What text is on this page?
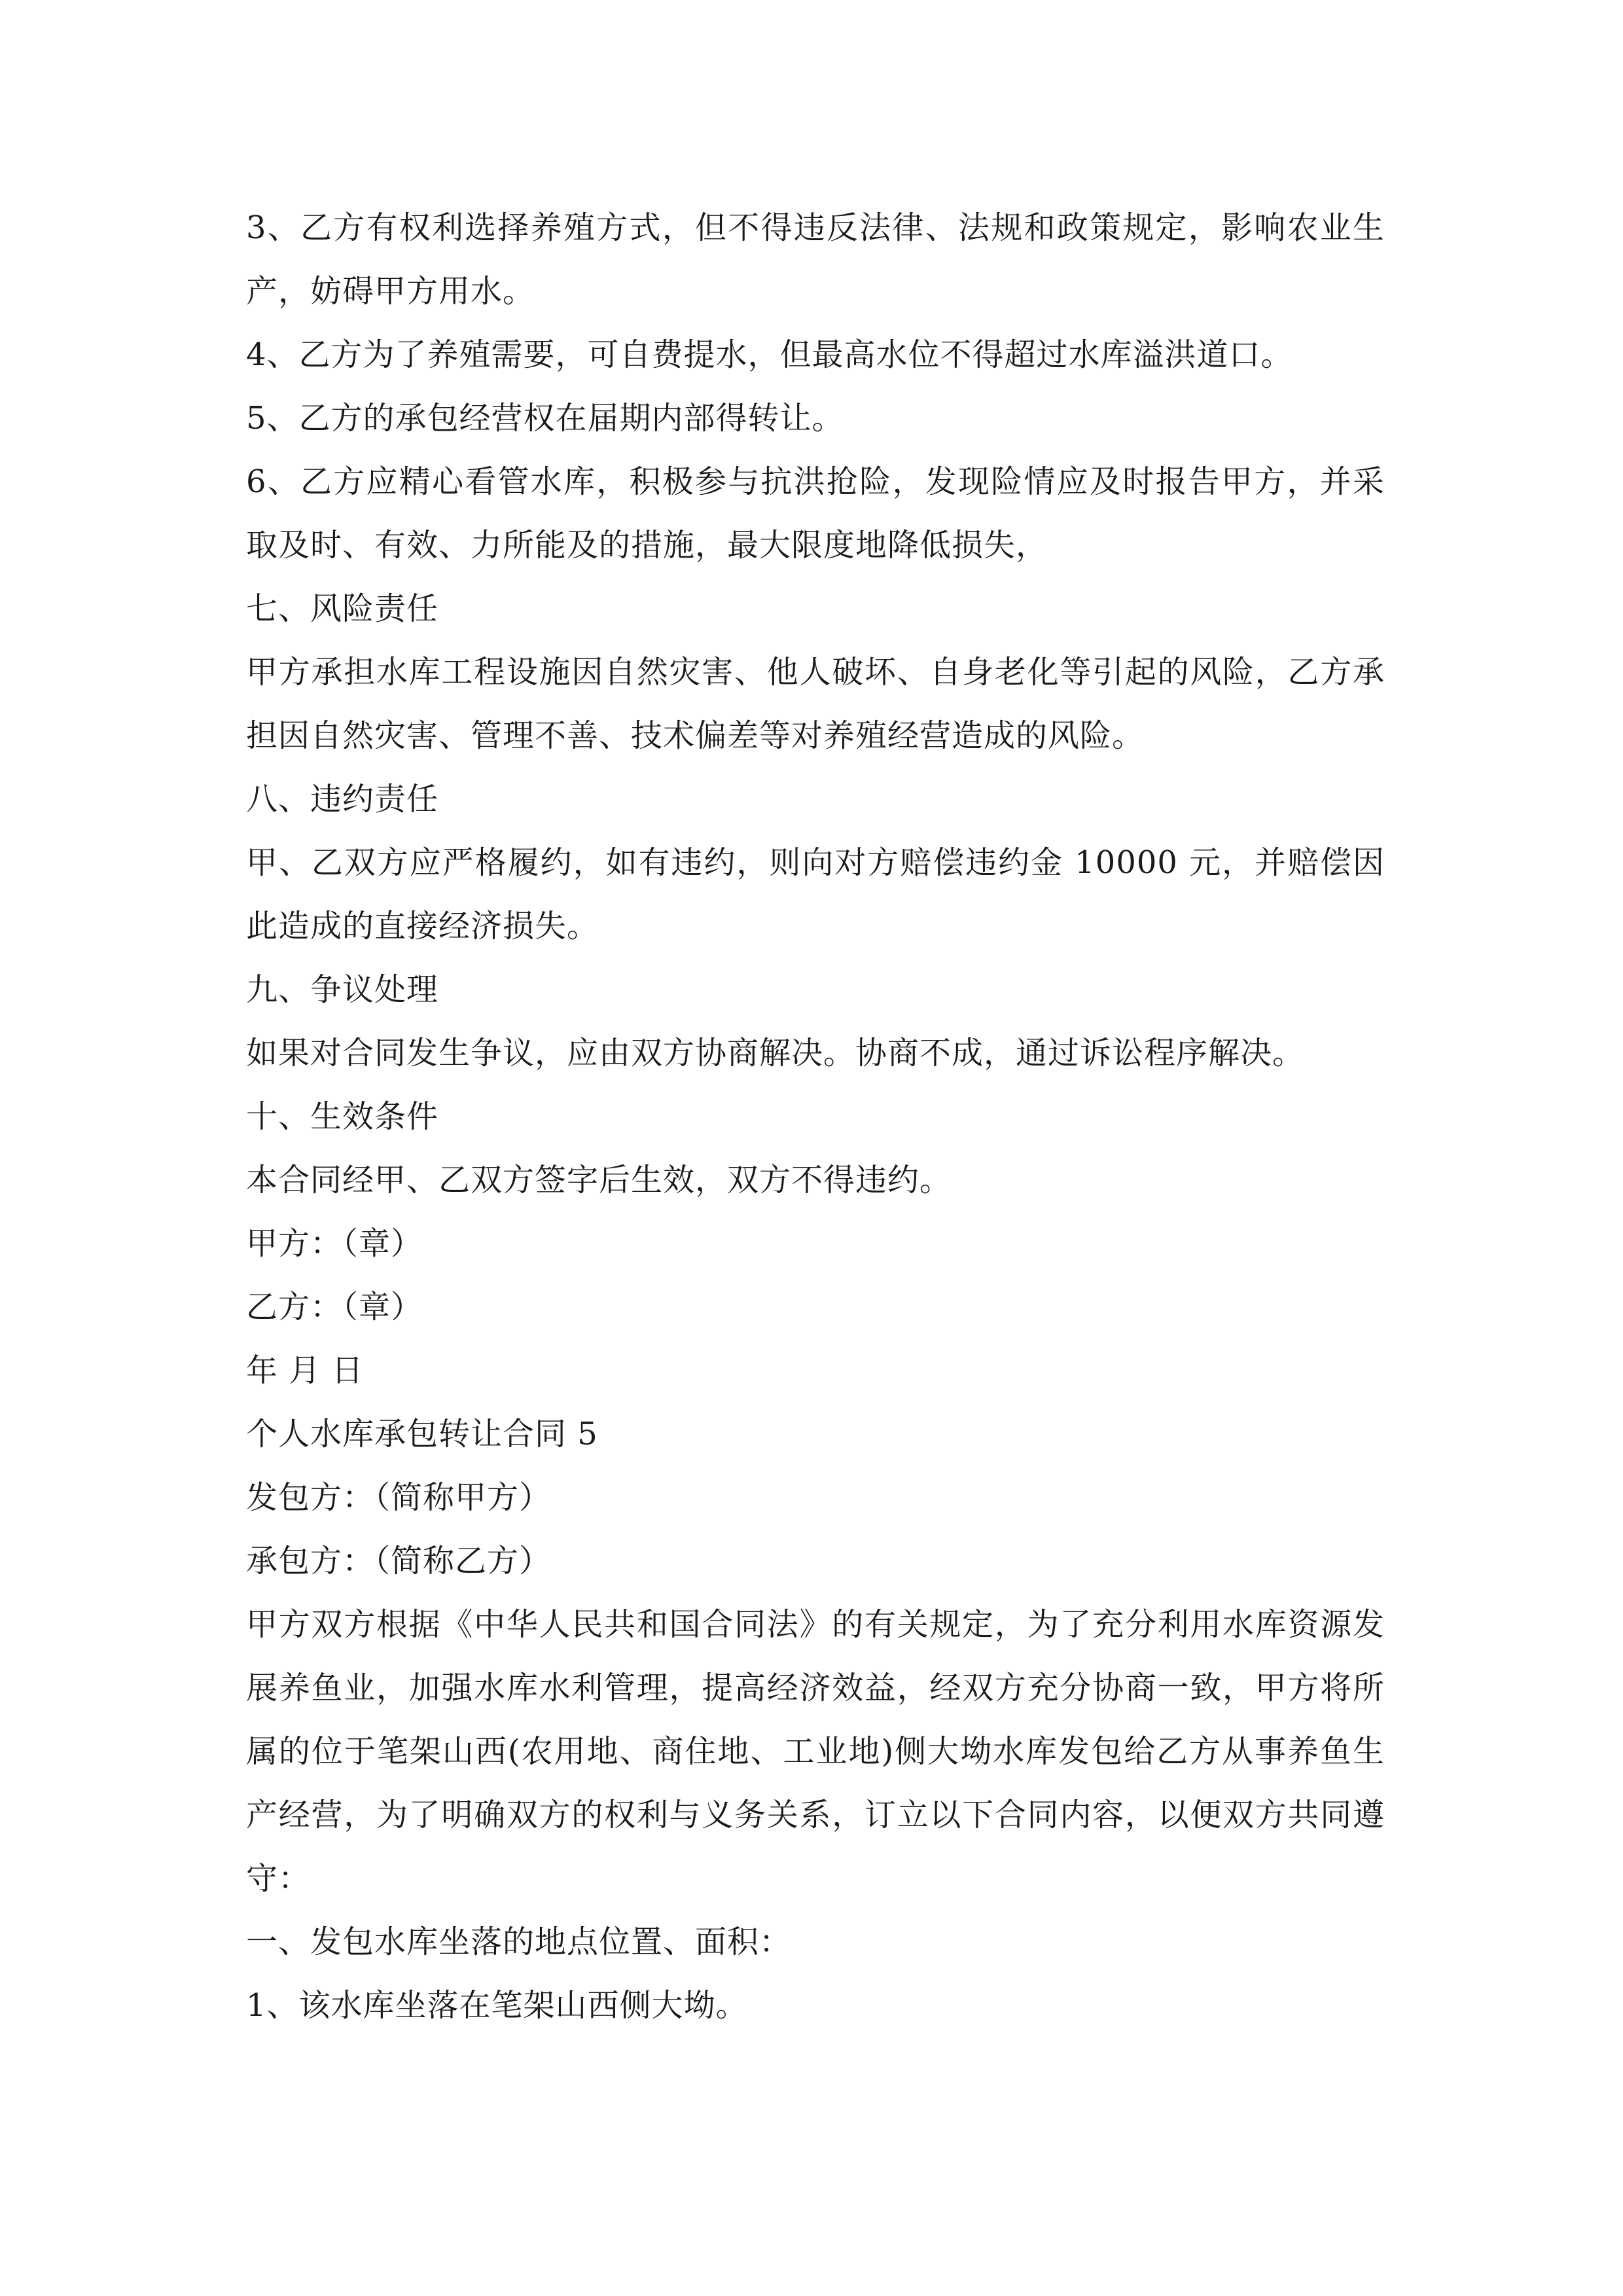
3、乙方有权利选择养殖方式，但不得违反法律、法规和政策规定，影响农业生产，妨碍甲方用水。

4、乙方为了养殖需要，可自费提水，但最高水位不得超过水库溢洪道口。

5、乙方的承包经营权在届期内部得转让。

6、乙方应精心看管水库，积极参与抗洪抢险，发现险情应及时报告甲方，并采取及时、有效、力所能及的措施，最大限度地降低损失，

七、风险责任

甲方承担水库工程设施因自然灾害、他人破坏、自身老化等引起的风险，乙方承担因自然灾害、管理不善、技术偏差等对养殖经营造成的风险。

八、违约责任

甲、乙双方应严格履约，如有违约，则向对方赔偿违约金 10000 元，并赔偿因此造成的直接经济损失。

九、争议处理

如果对合同发生争议，应由双方协商解决。协商不成，通过诉讼程序解决。

十、生效条件

本合同经甲、乙双方签字后生效，双方不得违约。

甲方：（章）

乙方：（章）

年 月 日

个人水库承包转让合同 5

发包方：（简称甲方）

承包方：（简称乙方）

甲方双方根据《中华人民共和国合同法》的有关规定，为了充分利用水库资源发展养鱼业，加强水库水利管理，提高经济效益，经双方充分协商一致，甲方将所属的位于笔架山西(农用地、商住地、工业地)侧大坳水库发包给乙方从事养鱼生产经营，为了明确双方的权利与义务关系，订立以下合同内容，以便双方共同遵守：

一、发包水库坐落的地点位置、面积：

1、该水库坐落在笔架山西侧大坳。
